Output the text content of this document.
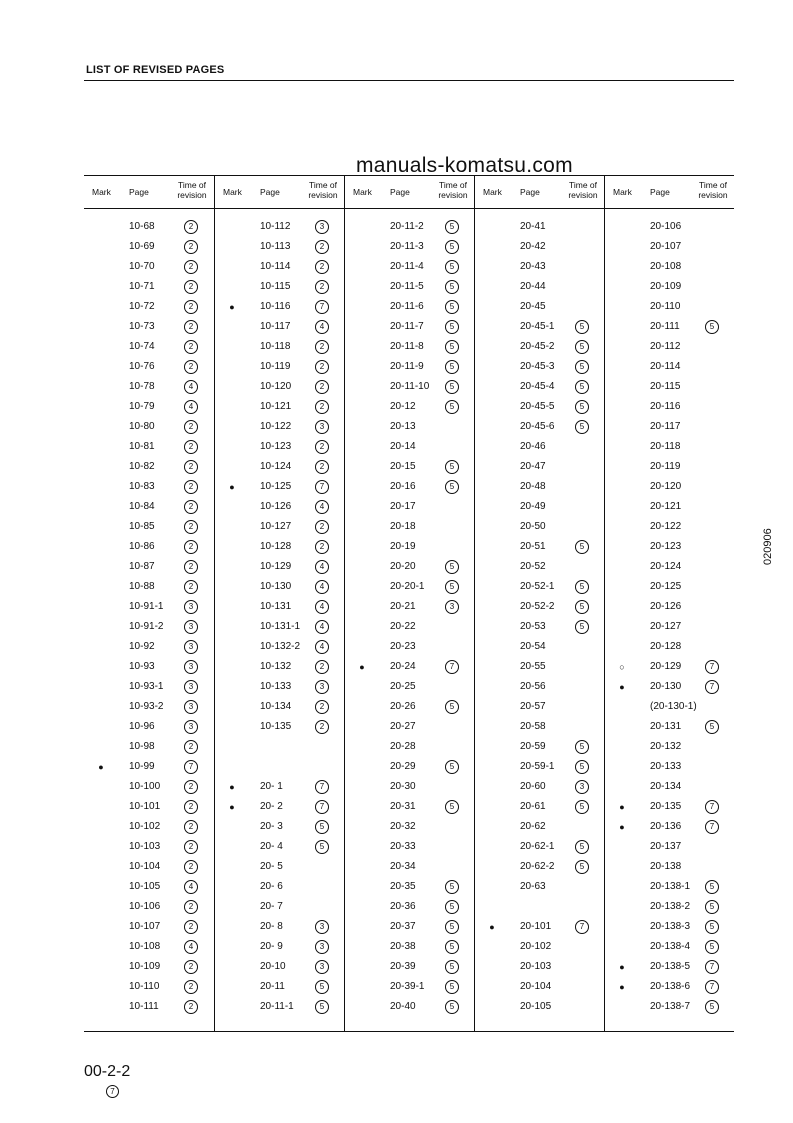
LIST OF REVISED PAGES
manuals-komatsu.com
Mark Page
Time of
revision
10-68	2
10-69	2
10-70	2
10-71	2
10-72	2
10-73	2
10-74	2
10-76	2
10-78	4
10-79	4
10-80	2
10-81	2
10-82	2
10-83	2
10-84	2
10-85	2
10-86	2
10-87	2
10-88	2
10-91-1	3
10-91-2	3
10-92	3
10-93	3
10-93-1	3
10-93-2	3
10-96	3
10-98	2
●	10-99	7
10-100	2
10-101	2
10-102	2
10-103	2
10-104	2
10-105	4
10-106	2
10-107	2
10-108	4
10-109	2
10-110	2
10-111	2
Mark Page
Time of
revision
10-112	3
10-113	2
10-114	2
10-115	2
●	10-116	7
10-117	4
10-118	2
10-119	2
10-120	2
10-121	2
10-122	3
10-123	2
10-124	2
●	10-125	7
10-126	4
10-127	2
10-128	2
10-129	4
10-130	4
10-131	4
10-131-1	4
10-132-2	4
10-132	2
10-133	3
10-134	2
10-135	2
●	20- 1	7
●	20- 2	7
20- 3	5
20- 4	5
20- 5
20- 6
20- 7
20- 8	3
20- 9	3
20-10	3
20-11	5
20-11-1	5
Mark Page
Time of
revision
20-11-2	5
20-11-3	5
20-11-4	5
20-11-5	5
20-11-6	5
20-11-7	5
20-11-8	5
20-11-9	5
20-11-10	5
20-12	5
20-13
20-14
20-15	5
20-16	5
20-17
20-18
20-19
20-20	5
20-20-1	5
20-21	3
20-22
20-23
●	20-24	7
20-25
20-26	5
20-27
20-28
20-29	5
20-30
20-31	5
20-32
20-33
20-34
20-35	5
20-36	5
20-37	5
20-38	5
20-39	5
20-39-1	5
20-40	5
Mark Page
Time of
revision
20-41
20-42
20-43
20-44
20-45
20-45-1	5
20-45-2	5
20-45-3	5
20-45-4	5
20-45-5	5
20-45-6	5
20-46
20-47
20-48
20-49
20-50
20-51	5
20-52
20-52-1	5
20-52-2	5
20-53	5
20-54
20-55
20-56
20-57
20-58
20-59	5
20-59-1	5
20-60	3
20-61	5
20-62
20-62-1	5
20-62-2	5
20-63
●	20-101	7
20-102
20-103
20-104
20-105
Mark Page
Time of
revision
20-106
20-107
20-108
20-109
20-110
20-111	5
20-112
20-114
20-115
20-116
20-117
20-118
20-119
20-120
20-121
20-122
20-123
20-124
20-125
20-126
20-127
20-128
○	20-129	7
●	20-130	7
(20-130-1)
20-131	5
20-132
20-133
20-134
●	20-135	7
●	20-136	7
20-137
20-138
20-138-1	5
20-138-2	5
20-138-3	5
20-138-4	5
●	20-138-5	7
●	20-138-6	7
20-138-7	5
020906
00-2-2
7
